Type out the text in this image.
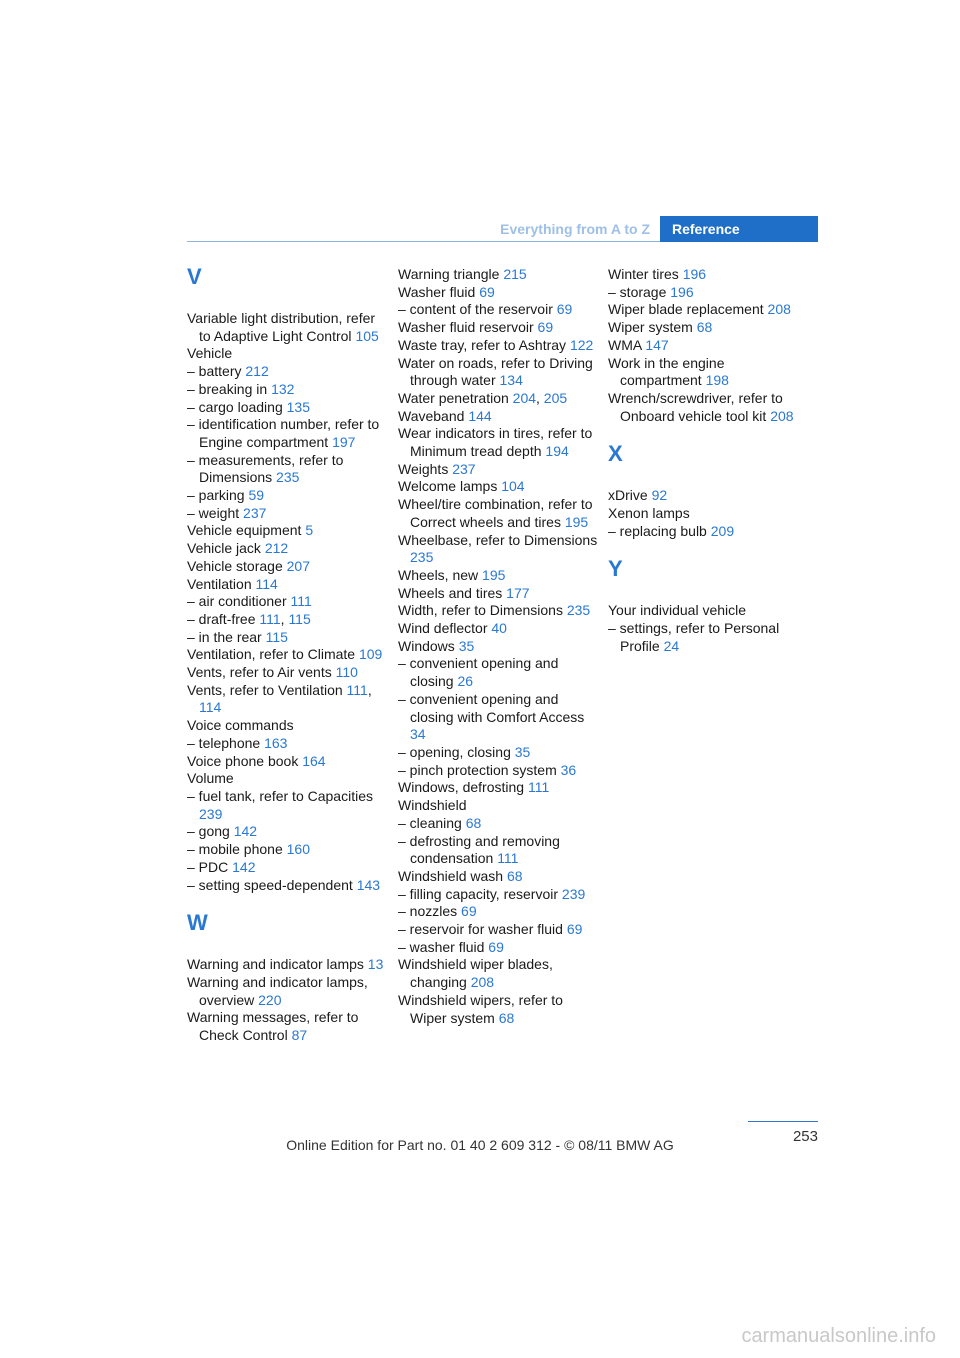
Everything from A to Z	Reference
V
Variable light distribution, refer to Adaptive Light Control 105
Vehicle
– battery 212
– breaking in 132
– cargo loading 135
– identification number, refer to Engine compartment 197
– measurements, refer to Dimensions 235
– parking 59
– weight 237
Vehicle equipment 5
Vehicle jack 212
Vehicle storage 207
Ventilation 114
– air conditioner 111
– draft-free 111, 115
– in the rear 115
Ventilation, refer to Climate 109
Vents, refer to Air vents 110
Vents, refer to Ventilation 111, 114
Voice commands
– telephone 163
Voice phone book 164
Volume
– fuel tank, refer to Capacities 239
– gong 142
– mobile phone 160
– PDC 142
– setting speed-dependent 143
W
Warning and indicator lamps 13
Warning and indicator lamps, overview 220
Warning messages, refer to Check Control 87
Warning triangle 215
Washer fluid 69
– content of the reservoir 69
Washer fluid reservoir 69
Waste tray, refer to Ashtray 122
Water on roads, refer to Driving through water 134
Water penetration 204, 205
Waveband 144
Wear indicators in tires, refer to Minimum tread depth 194
Weights 237
Welcome lamps 104
Wheel/tire combination, refer to Correct wheels and tires 195
Wheelbase, refer to Dimensions 235
Wheels, new 195
Wheels and tires 177
Width, refer to Dimensions 235
Wind deflector 40
Windows 35
– convenient opening and closing 26
– convenient opening and closing with Comfort Access 34
– opening, closing 35
– pinch protection system 36
Windows, defrosting 111
Windshield
– cleaning 68
– defrosting and removing condensation 111
Windshield wash 68
– filling capacity, reservoir 239
– nozzles 69
– reservoir for washer fluid 69
– washer fluid 69
Windshield wiper blades, changing 208
Windshield wipers, refer to Wiper system 68
Winter tires 196
– storage 196
Wiper blade replacement 208
Wiper system 68
WMA 147
Work in the engine compartment 198
Wrench/screwdriver, refer to Onboard vehicle tool kit 208
X
xDrive 92
Xenon lamps
– replacing bulb 209
Y
Your individual vehicle
– settings, refer to Personal Profile 24
253
Online Edition for Part no. 01 40 2 609 312 - © 08/11 BMW AG
carmanualsonline.info
